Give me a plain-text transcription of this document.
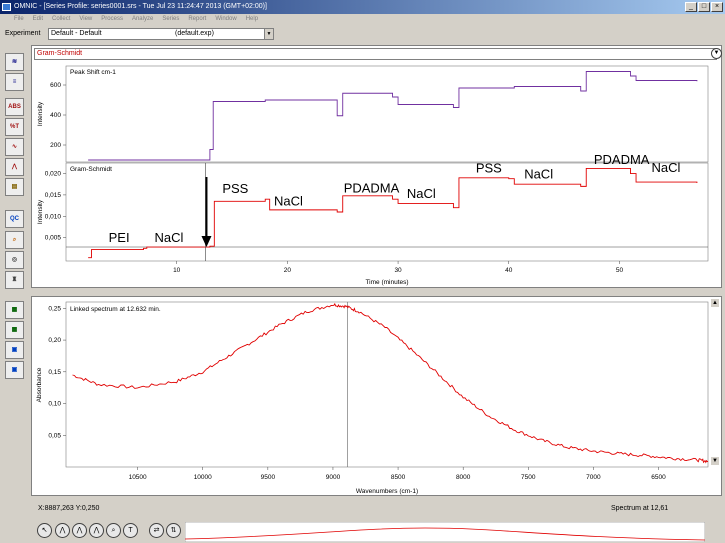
OMNIC - [Series Profile: series0001.srs - Tue Jul 23 11:24:47 2013 (GMT+02:00)]	_	□	×
File Edit Collect View Process Analyze Series Report Window Help
Experiment	Default - Default	(default.exp)	▼
≋
≡
ABS
%T
∿
⋀
▤
QC
⌕
◎
♜
▦
▦
▣
▣
Gram-Schmidt	▼
Peak Shift cm-1
Intensity
600
400
200
Gram-Schmidt
Intensity
0,020
0,015
0,010
0,005	PEI NaCl
PSS
NaCl
PDADMA NaCl
PSS NaCl
PDADMA
NaCl
10	20	30	40	50
Time (minutes)
Linked spectrum at 12.632 min.
Absorbance
0,25
0,20
0,15
0,10
0,05
10500	10000	9500	9000	8500	8000	7500	7000	6500
Wavenumbers (cm-1)
▲
▼
X:8887,263 Y:0,250	Spectrum at 12,61
↖	⋀	⋀	⋀	⌕	T	⇄	⇅
